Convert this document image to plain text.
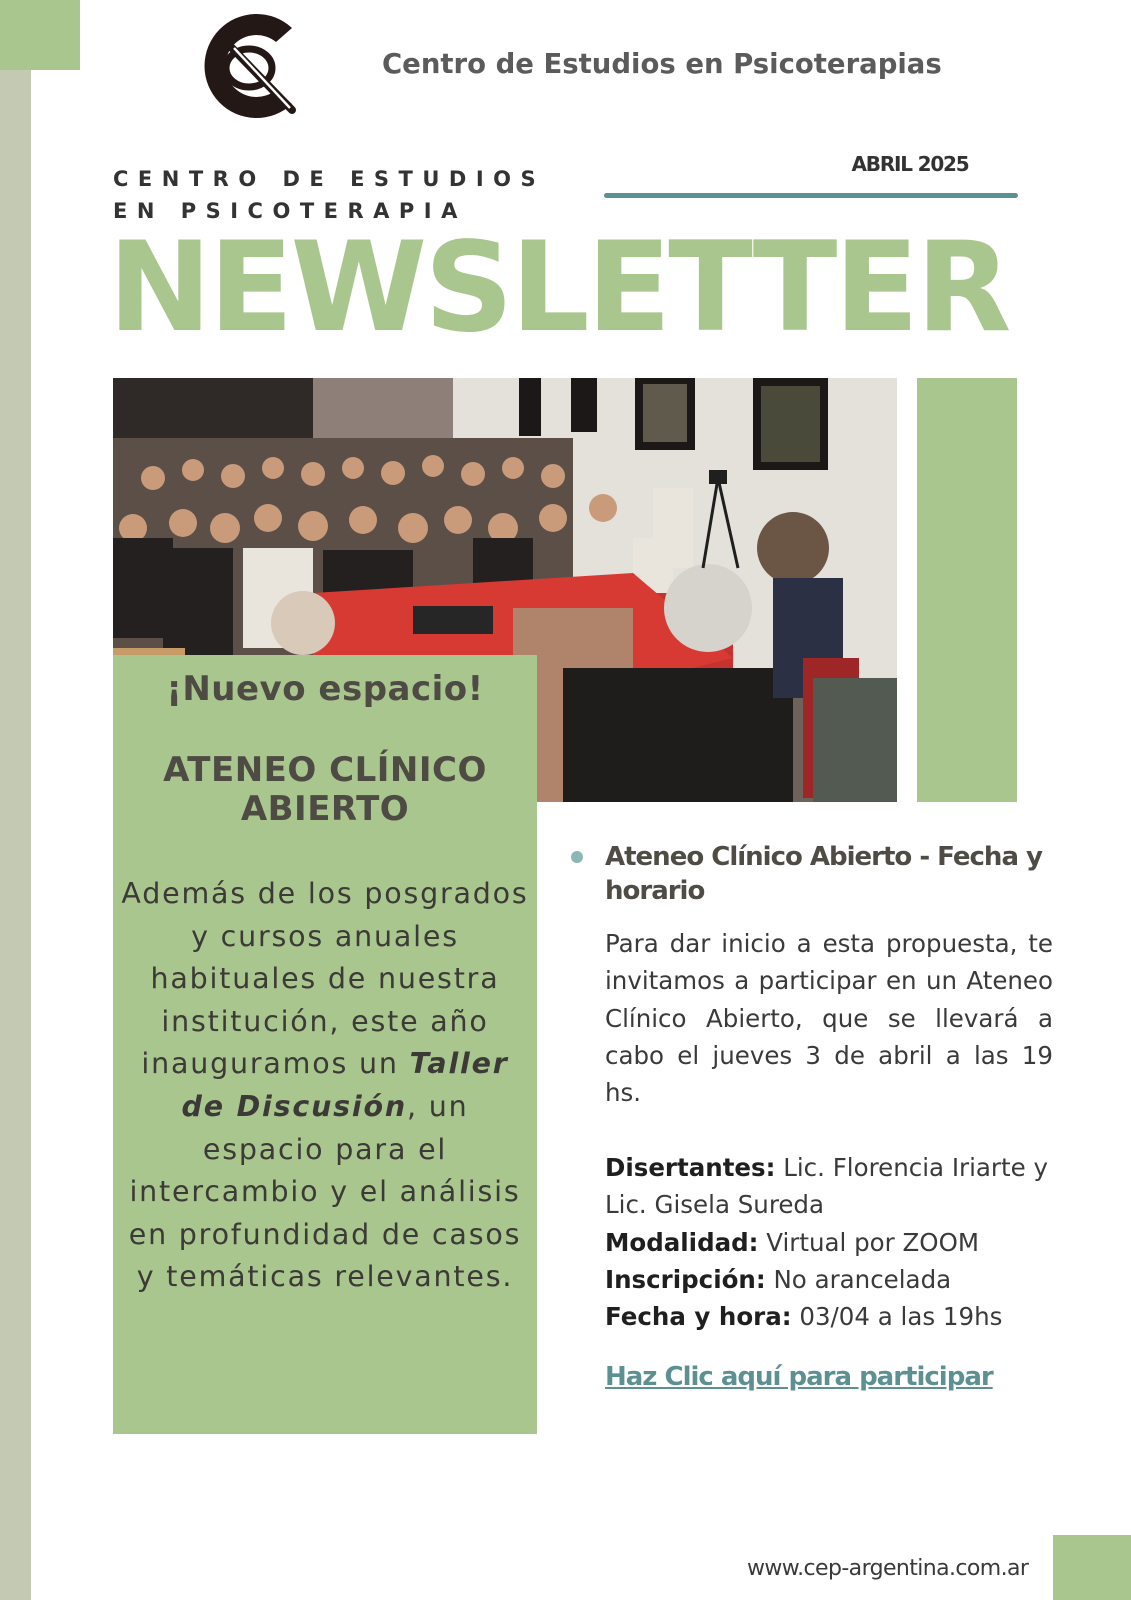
Centro de Estudios en Psicoterapias
CENTRO DE ESTUDIOS
EN PSICOTERAPIA
ABRIL 2025
NEWSLETTER
¡Nuevo espacio!
ATENEO CLÍNICO
ABIERTO

Además de los posgrados y cursos anuales habituales de nuestra institución, este año inauguramos un Taller de Discusión, un espacio para el intercambio y el análisis en profundidad de casos y temáticas relevantes.

Ateneo Clínico Abierto - Fecha y horario

Para dar inicio a esta propuesta, te invitamos a participar en un Ateneo Clínico Abierto, que se llevará a cabo el jueves 3 de abril a las 19 hs.

Disertantes: Lic. Florencia Iriarte y Lic. Gisela Sureda
Modalidad: Virtual por ZOOM
Inscripción: No arancelada
Fecha y hora: 03/04 a las 19hs

Haz Clic aquí para participar
www.cep-argentina.com.ar
